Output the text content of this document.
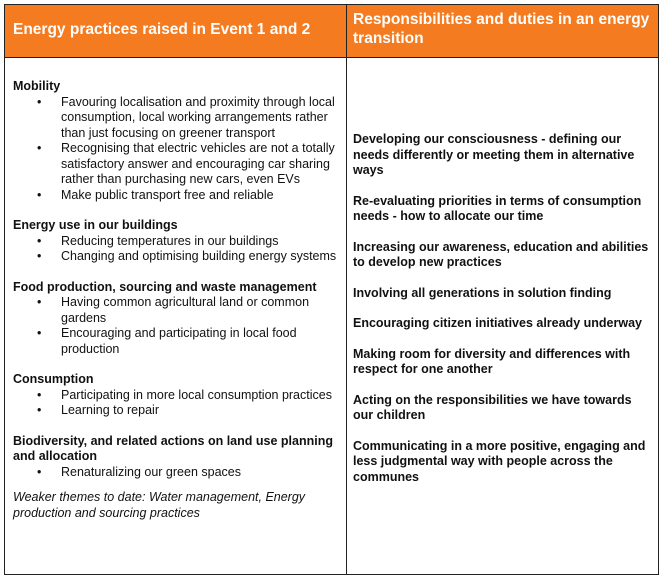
Energy practices raised in Event 1 and 2
Responsibilities and duties in an energy transition
Mobility
• Favouring localisation and proximity through local consumption, local working arrangements rather than just focusing on greener transport
• Recognising that electric vehicles are not a totally satisfactory answer and encouraging car sharing rather than purchasing new cars, even EVs
• Make public transport free and reliable
Energy use in our buildings
• Reducing temperatures in our buildings
• Changing and optimising building energy systems
Food production, sourcing and waste management
• Having common agricultural land or common gardens
• Encouraging and participating in local food production
Consumption
• Participating in more local consumption practices
• Learning to repair
Biodiversity, and related actions on land use planning and allocation
• Renaturalizing our green spaces
Weaker themes to date: Water management, Energy production and sourcing practices

Developing our consciousness - defining our needs differently or meeting them in alternative ways

Re-evaluating priorities in terms of consumption needs - how to allocate our time

Increasing our awareness, education and abilities to develop new practices

Involving all generations in solution finding

Encouraging citizen initiatives already underway

Making room for diversity and differences with respect for one another

Acting on the responsibilities we have towards our children

Communicating in a more positive, engaging and less judgmental way with people across the communes
